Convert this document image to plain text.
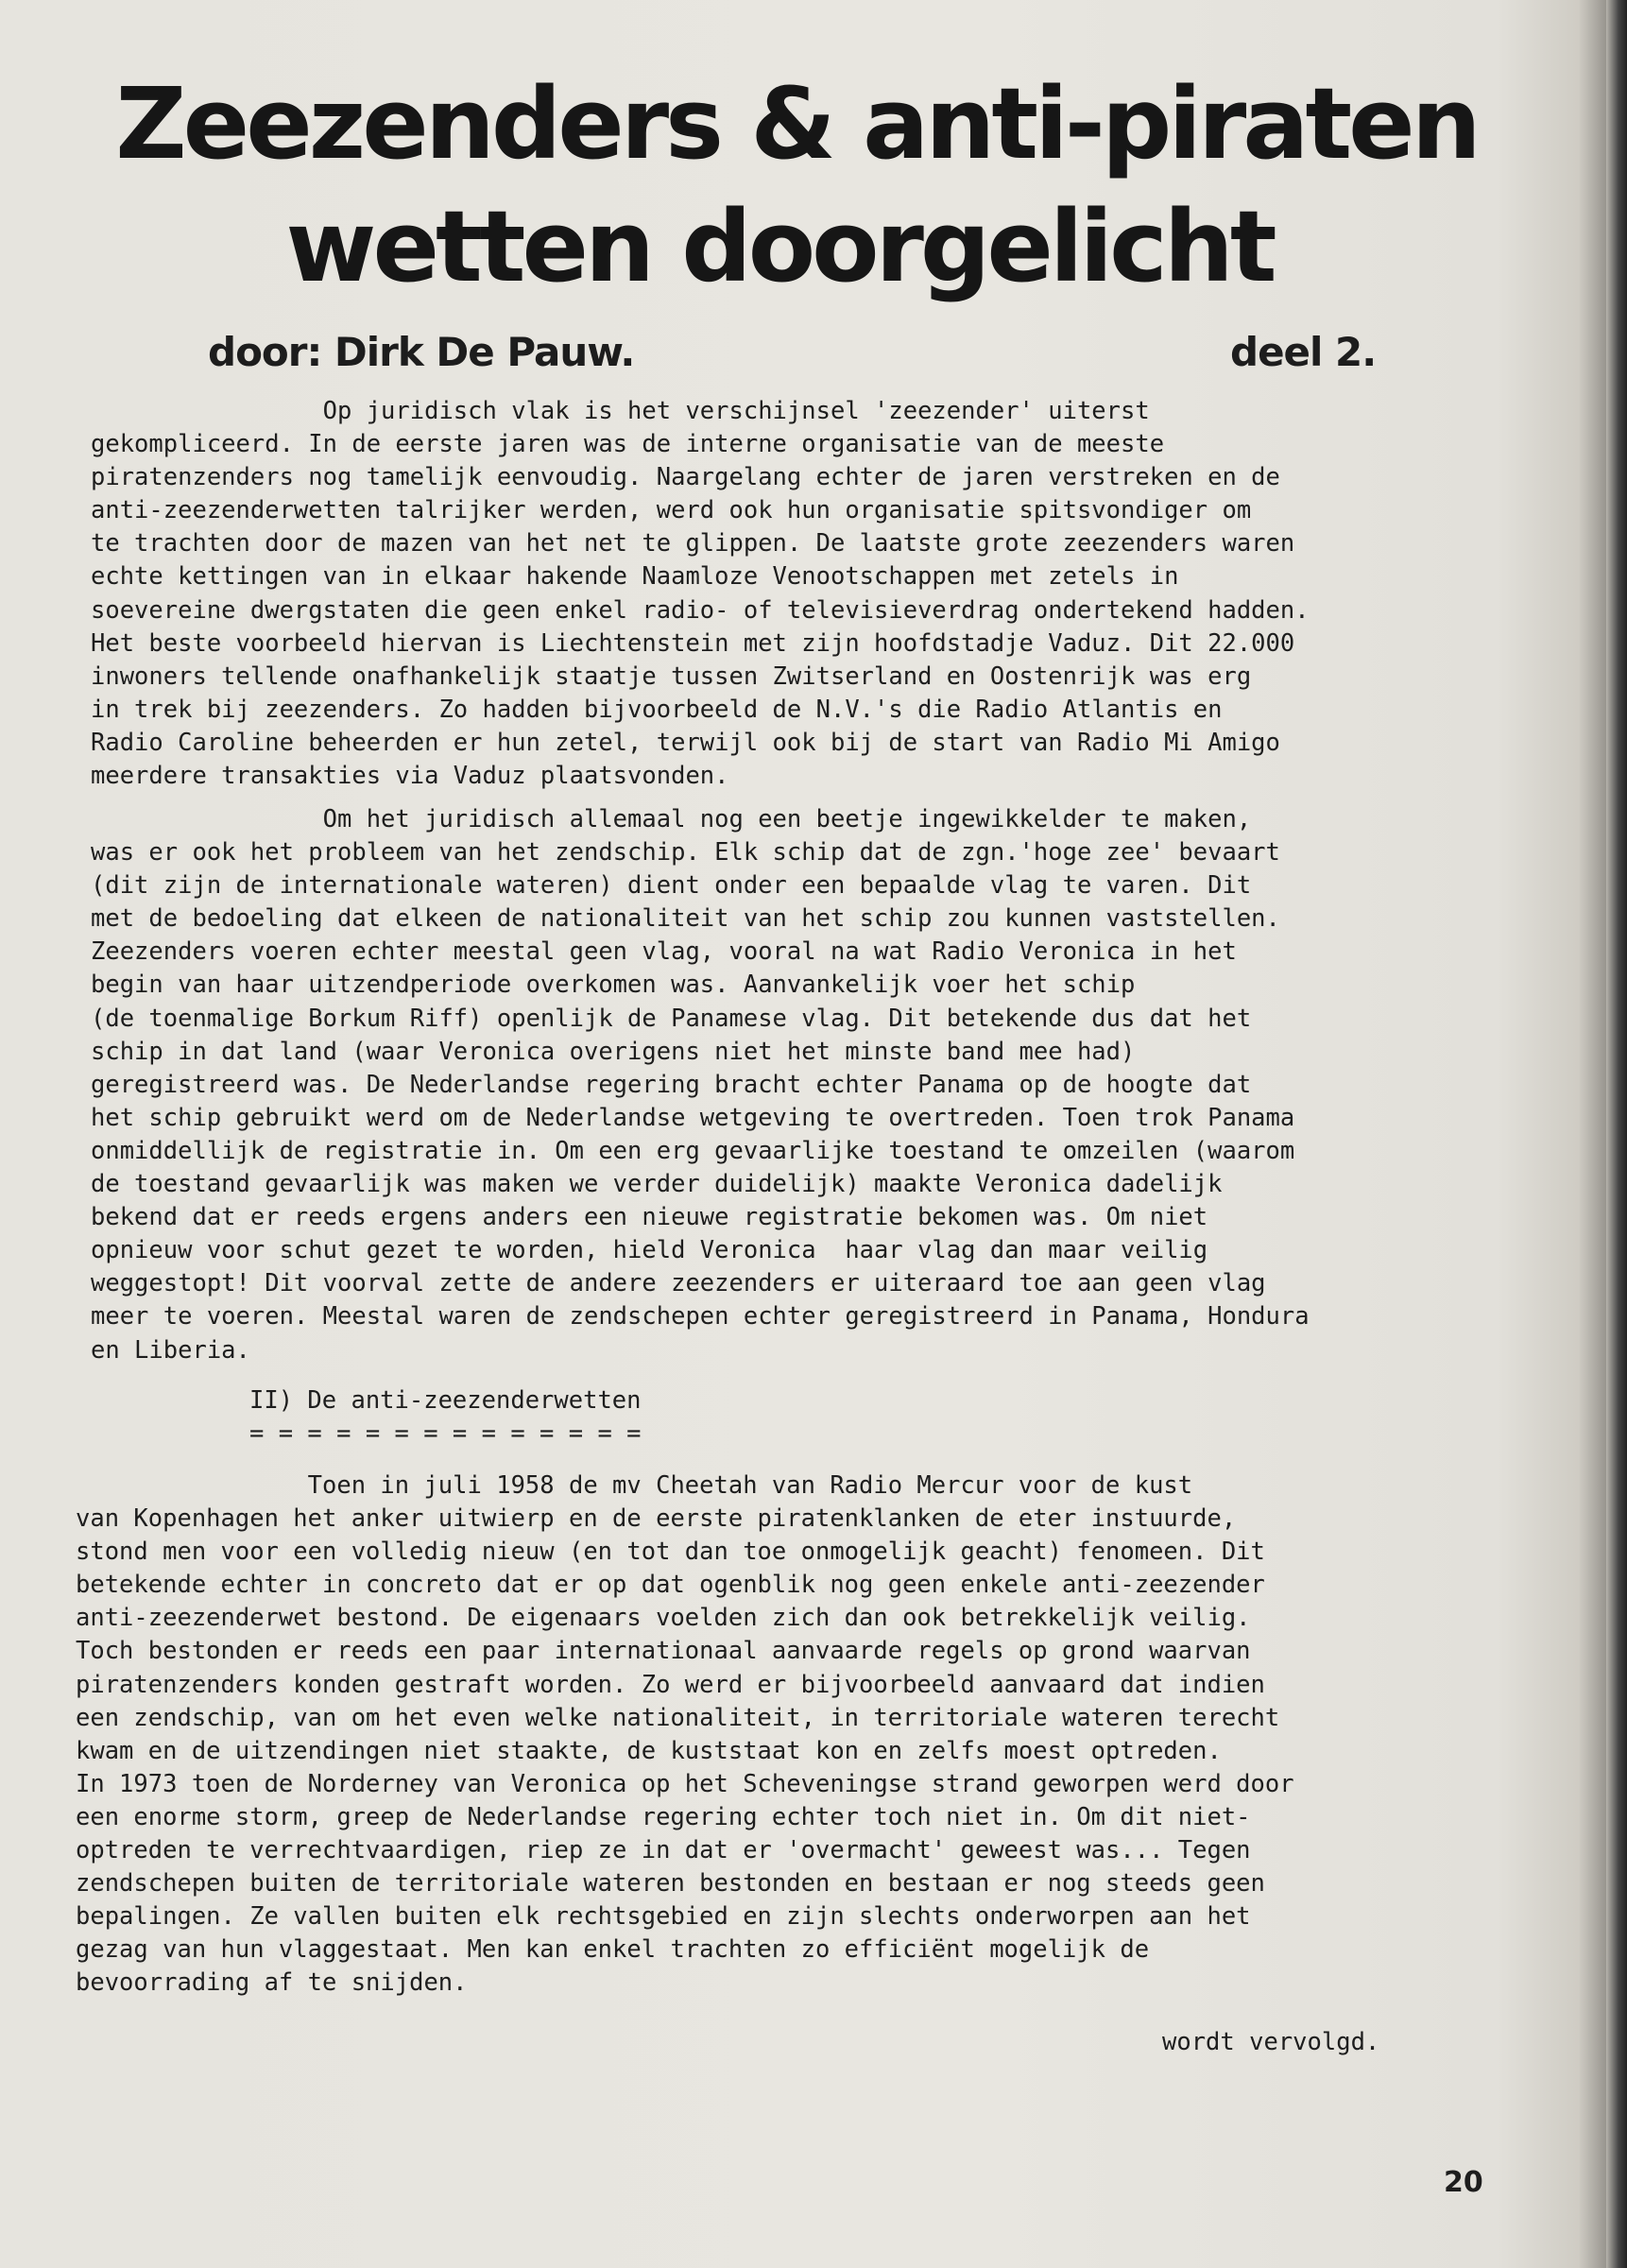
Zeezenders & anti-piraten
wetten doorgelicht
door: Dirk De Pauw.	deel 2.
Op juridisch vlak is het verschijnsel 'zeezender' uiterst
gekompliceerd. In de eerste jaren was de interne organisatie van de meeste
piratenzenders nog tamelijk eenvoudig. Naargelang echter de jaren verstreken en de
anti-zeezenderwetten talrijker werden, werd ook hun organisatie spitsvondiger om
te trachten door de mazen van het net te glippen. De laatste grote zeezenders waren
echte kettingen van in elkaar hakende Naamloze Venootschappen met zetels in
soevereine dwergstaten die geen enkel radio- of televisieverdrag ondertekend hadden.
Het beste voorbeeld hiervan is Liechtenstein met zijn hoofdstadje Vaduz. Dit 22.000
inwoners tellende onafhankelijk staatje tussen Zwitserland en Oostenrijk was erg
in trek bij zeezenders. Zo hadden bijvoorbeeld de N.V.'s die Radio Atlantis en
Radio Caroline beheerden er hun zetel, terwijl ook bij de start van Radio Mi Amigo
meerdere transakties via Vaduz plaatsvonden.
Om het juridisch allemaal nog een beetje ingewikkelder te maken,
was er ook het probleem van het zendschip. Elk schip dat de zgn.'hoge zee' bevaart
(dit zijn de internationale wateren) dient onder een bepaalde vlag te varen. Dit
met de bedoeling dat elkeen de nationaliteit van het schip zou kunnen vaststellen.
Zeezenders voeren echter meestal geen vlag, vooral na wat Radio Veronica in het
begin van haar uitzendperiode overkomen was. Aanvankelijk voer het schip
(de toenmalige Borkum Riff) openlijk de Panamese vlag. Dit betekende dus dat het
schip in dat land (waar Veronica overigens niet het minste band mee had)
geregistreerd was. De Nederlandse regering bracht echter Panama op de hoogte dat
het schip gebruikt werd om de Nederlandse wetgeving te overtreden. Toen trok Panama
onmiddellijk de registratie in. Om een erg gevaarlijke toestand te omzeilen (waarom
de toestand gevaarlijk was maken we verder duidelijk) maakte Veronica dadelijk
bekend dat er reeds ergens anders een nieuwe registratie bekomen was. Om niet
opnieuw voor schut gezet te worden, hield Veronica  haar vlag dan maar veilig
weggestopt! Dit voorval zette de andere zeezenders er uiteraard toe aan geen vlag
meer te voeren. Meestal waren de zendschepen echter geregistreerd in Panama, Hondura
en Liberia.
II) De anti-zeezenderwetten
= = = = = = = = = = = = = =
Toen in juli 1958 de mv Cheetah van Radio Mercur voor de kust
van Kopenhagen het anker uitwierp en de eerste piratenklanken de eter instuurde,
stond men voor een volledig nieuw (en tot dan toe onmogelijk geacht) fenomeen. Dit
betekende echter in concreto dat er op dat ogenblik nog geen enkele anti-zeezender
anti-zeezenderwet bestond. De eigenaars voelden zich dan ook betrekkelijk veilig.
Toch bestonden er reeds een paar internationaal aanvaarde regels op grond waarvan
piratenzenders konden gestraft worden. Zo werd er bijvoorbeeld aanvaard dat indien
een zendschip, van om het even welke nationaliteit, in territoriale wateren terecht
kwam en de uitzendingen niet staakte, de kuststaat kon en zelfs moest optreden.
In 1973 toen de Norderney van Veronica op het Scheveningse strand geworpen werd door
een enorme storm, greep de Nederlandse regering echter toch niet in. Om dit niet-
optreden te verrechtvaardigen, riep ze in dat er 'overmacht' geweest was... Tegen
zendschepen buiten de territoriale wateren bestonden en bestaan er nog steeds geen
bepalingen. Ze vallen buiten elk rechtsgebied en zijn slechts onderworpen aan het
gezag van hun vlaggestaat. Men kan enkel trachten zo efficiënt mogelijk de
bevoorrading af te snijden.
wordt vervolgd.
20
